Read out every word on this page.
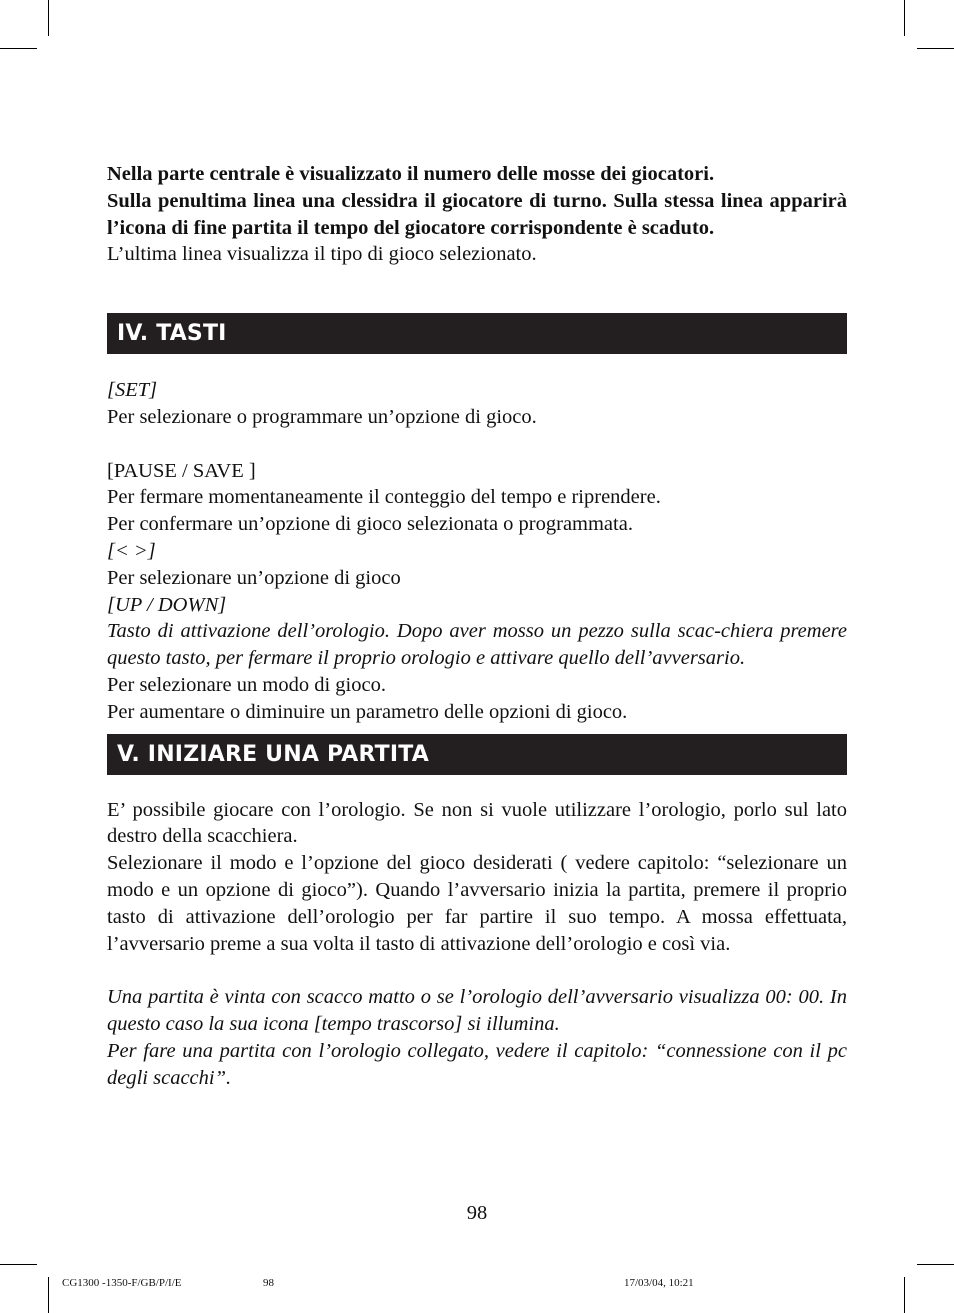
Nella parte centrale è visualizzato il numero delle mosse dei giocatori.

Sulla penultima linea una clessidra il giocatore di turno. Sulla stessa linea apparirà l’icona di fine partita il tempo del giocatore corrispondente è scaduto.

L’ultima linea visualizza il tipo di gioco selezionato.

IV. TASTI

[SET]

Per selezionare o programmare un’opzione di gioco.

[PAUSE / SAVE ]

Per fermare momentaneamente il conteggio del tempo e riprendere.

Per confermare un’opzione di gioco selezionata o programmata.

[< >]

Per selezionare un’opzione di gioco

[UP / DOWN]

Tasto di attivazione dell’orologio. Dopo aver mosso un pezzo sulla scac-chiera premere questo tasto, per fermare il proprio orologio e attivare quello dell’avversario.

Per selezionare un modo di gioco.

Per aumentare o diminuire un parametro delle opzioni di gioco.

V. INIZIARE UNA PARTITA

E’ possibile giocare con l’orologio. Se non si vuole utilizzare l’orologio, porlo sul lato destro della scacchiera.

Selezionare il modo e l’opzione del gioco desiderati ( vedere capitolo: “selezionare un modo e un opzione di gioco”). Quando l’avversario inizia la partita, premere il proprio tasto di attivazione dell’orologio per far partire il suo tempo. A mossa effettuata, l’avversario preme a sua volta il tasto di attivazione dell’orologio e così via.

Una partita è vinta con scacco matto o se l’orologio dell’avversario visualizza 00: 00. In questo caso la sua icona [tempo trascorso] si illumina.

Per fare una partita con l’orologio collegato, vedere il capitolo: “connessione con il pc degli scacchi”.

98
CG1300 -1350-F/GB/P/I/E	98	17/03/04, 10:21
